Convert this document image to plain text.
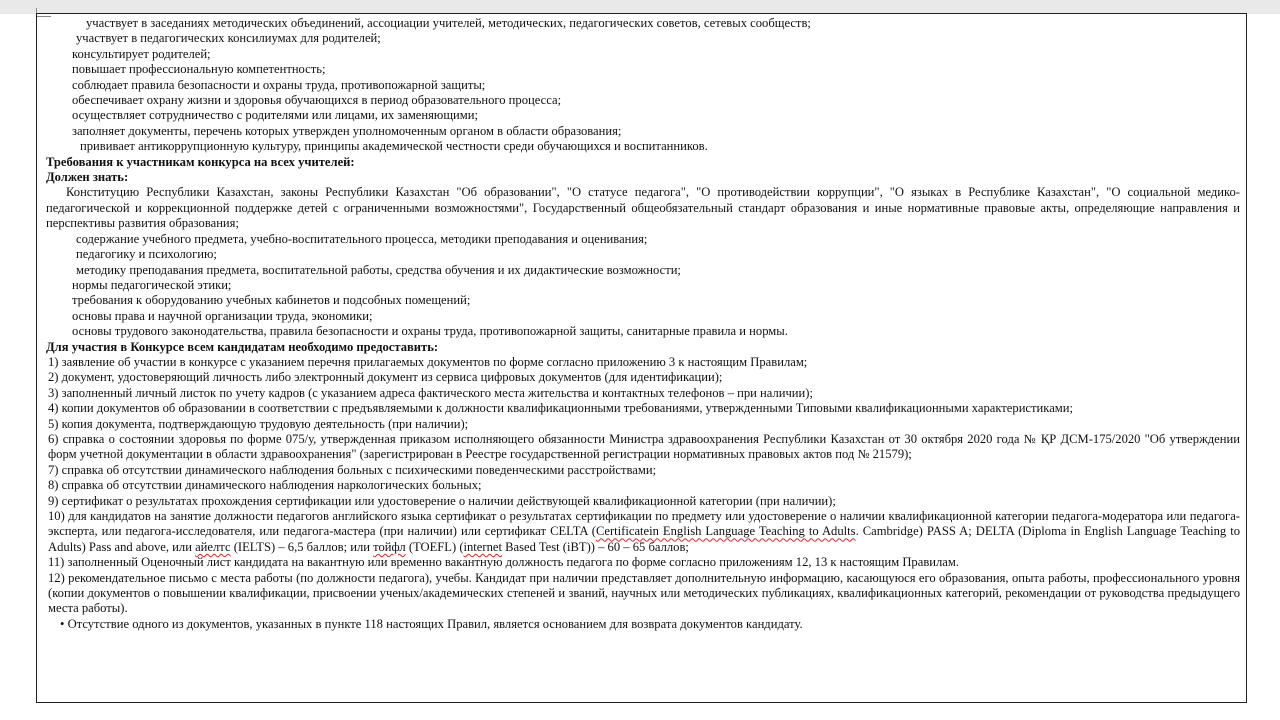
участвует в заседаниях методических объединений, ассоциации учителей, методических, педагогических советов, сетевых сообществ;
участвует в педагогических консилиумах для родителей;
консультирует родителей;
повышает профессиональную компетентность;
соблюдает правила безопасности и охраны труда, противопожарной защиты;
обеспечивает охрану жизни и здоровья обучающихся в период образовательного процесса;
осуществляет сотрудничество с родителями или лицами, их заменяющими;
заполняет документы, перечень которых утвержден уполномоченным органом в области образования;
прививает антикоррупционную культуру, принципы академической честности среди обучающихся и воспитанников.
Требования к участникам конкурса на всех учителей:
Должен знать:
Конституцию Республики Казахстан, законы Республики Казахстан "Об образовании", "О статусе педагога", "О противодействии коррупции", "О языках в Республике Казахстан", "О социальной медико-педагогической и коррекционной поддержке детей с ограниченными возможностями", Государственный общеобязательный стандарт образования и иные нормативные правовые акты, определяющие направления и перспективы развития образования;
содержание учебного предмета, учебно-воспитательного процесса, методики преподавания и оценивания;
педагогику и психологию;
методику преподавания предмета, воспитательной работы, средства обучения и их дидактические возможности;
нормы педагогической этики;
требования к оборудованию учебных кабинетов и подсобных помещений;
основы права и научной организации труда, экономики;
основы трудового законодательства, правила безопасности и охраны труда, противопожарной защиты, санитарные правила и нормы.
Для участия в Конкурсе всем кандидатам необходимо предоставить:
1) заявление об участии в конкурсе с указанием перечня прилагаемых документов по форме согласно приложению 3 к настоящим Правилам;
2) документ, удостоверяющий личность либо электронный документ из сервиса цифровых документов (для идентификации);
3) заполненный личный листок по учету кадров (с указанием адреса фактического места жительства и контактных телефонов – при наличии);
4) копии документов об образовании в соответствии с предъявляемыми к должности квалификационными требованиями, утвержденными Типовыми квалификационными характеристиками;
5) копия документа, подтверждающую трудовую деятельность (при наличии);
6) справка о состоянии здоровья по форме 075/у, утвержденная приказом исполняющего обязанности Министра здравоохранения Республики Казахстан от 30 октября 2020 года № ҚР ДСМ-175/2020 "Об утверждении форм учетной документации в области здравоохранения" (зарегистрирован в Реестре государственной регистрации нормативных правовых актов под № 21579);
7) справка об отсутствии динамического наблюдения больных с психическими поведенческими расстройствами;
8) справка об отсутствии динамического наблюдения наркологических больных;
9) сертификат о результатах прохождения сертификации или удостоверение о наличии действующей квалификационной категории (при наличии);
10) для кандидатов на занятие должности педагогов английского языка сертификат о результатах сертификации по предмету или удостоверение о наличии квалификационной категории педагога-модератора или педагога-эксперта, или педагога-исследователя, или педагога-мастера (при наличии) или сертификат CELTA (Certificatein English Language Teaching to Adults. Cambridge) PASS A; DELTA (Diploma in English Language Teaching to Adults) Pass and above, или айелтс (IELTS) – 6,5 баллов; или тойфл (TOEFL) (internet Based Test (iBT)) – 60 – 65 баллов;
11) заполненный Оценочный лист кандидата на вакантную или временно вакантную должность педагога по форме согласно приложениям 12, 13 к настоящим Правилам.
12) рекомендательное письмо с места работы (по должности педагога), учебы. Кандидат при наличии представляет дополнительную информацию, касающуюся его образования, опыта работы, профессионального уровня (копии документов о повышении квалификации, присвоении ученых/академических степеней и званий, научных или методических публикациях, квалификационных категорий, рекомендации от руководства предыдущего места работы).
• Отсутствие одного из документов, указанных в пункте 118 настоящих Правил, является основанием для возврата документов кандидату.
